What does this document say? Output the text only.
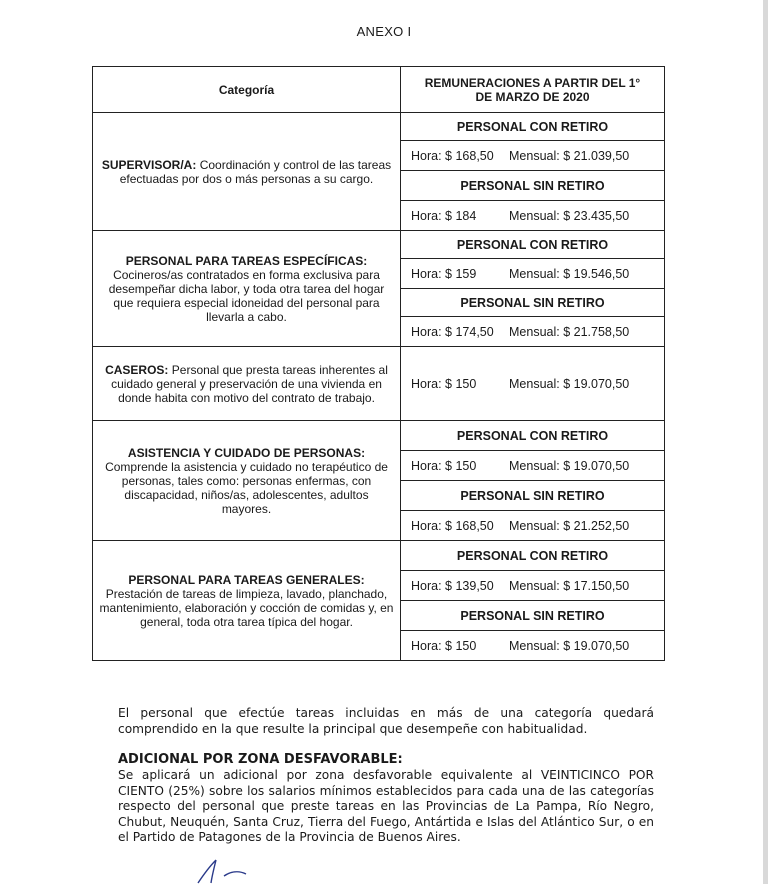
ANEXO I
Categoría	REMUNERACIONES A PARTIR DEL 1° DE MARZO DE 2020
SUPERVISOR/A: Coordinación y control de las tareas efectuadas por dos o más personas a su cargo.	PERSONAL CON RETIRO
	Hora: $ 168,50 Mensual: $ 21.039,50
	PERSONAL SIN RETIRO
	Hora: $ 184 Mensual: $ 23.435,50
PERSONAL PARA TAREAS ESPECÍFICAS:
Cocineros/as contratados en forma exclusiva para desempeñar dicha labor, y toda otra tarea del hogar que requiera especial idoneidad del personal para llevarla a cabo.	PERSONAL CON RETIRO
	Hora: $ 159 Mensual: $ 19.546,50
	PERSONAL SIN RETIRO
	Hora: $ 174,50 Mensual: $ 21.758,50
CASEROS: Personal que presta tareas inherentes al cuidado general y preservación de una vivienda en donde habita con motivo del contrato de trabajo.	Hora: $ 150 Mensual: $ 19.070,50
ASISTENCIA Y CUIDADO DE PERSONAS:
Comprende la asistencia y cuidado no terapéutico de personas, tales como: personas enfermas, con discapacidad, niños/as, adolescentes, adultos mayores.	PERSONAL CON RETIRO
	Hora: $ 150 Mensual: $ 19.070,50
	PERSONAL SIN RETIRO
	Hora: $ 168,50 Mensual: $ 21.252,50
PERSONAL PARA TAREAS GENERALES:
Prestación de tareas de limpieza, lavado, planchado, mantenimiento, elaboración y cocción de comidas y, en general, toda otra tarea típica del hogar.	PERSONAL CON RETIRO
	Hora: $ 139,50 Mensual: $ 17.150,50
	PERSONAL SIN RETIRO
	Hora: $ 150 Mensual: $ 19.070,50

El personal que efectúe tareas incluidas en más de una categoría quedará comprendido en la que resulte la principal que desempeñe con habitualidad.

ADICIONAL POR ZONA DESFAVORABLE:

Se aplicará un adicional por zona desfavorable equivalente al VEINTICINCO POR CIENTO (25%) sobre los salarios mínimos establecidos para cada una de las categorías respecto del personal que preste tareas en las Provincias de La Pampa, Río Negro, Chubut, Neuquén, Santa Cruz, Tierra del Fuego, Antártida e Islas del Atlántico Sur, o en el Partido de Patagones de la Provincia de Buenos Aires.
